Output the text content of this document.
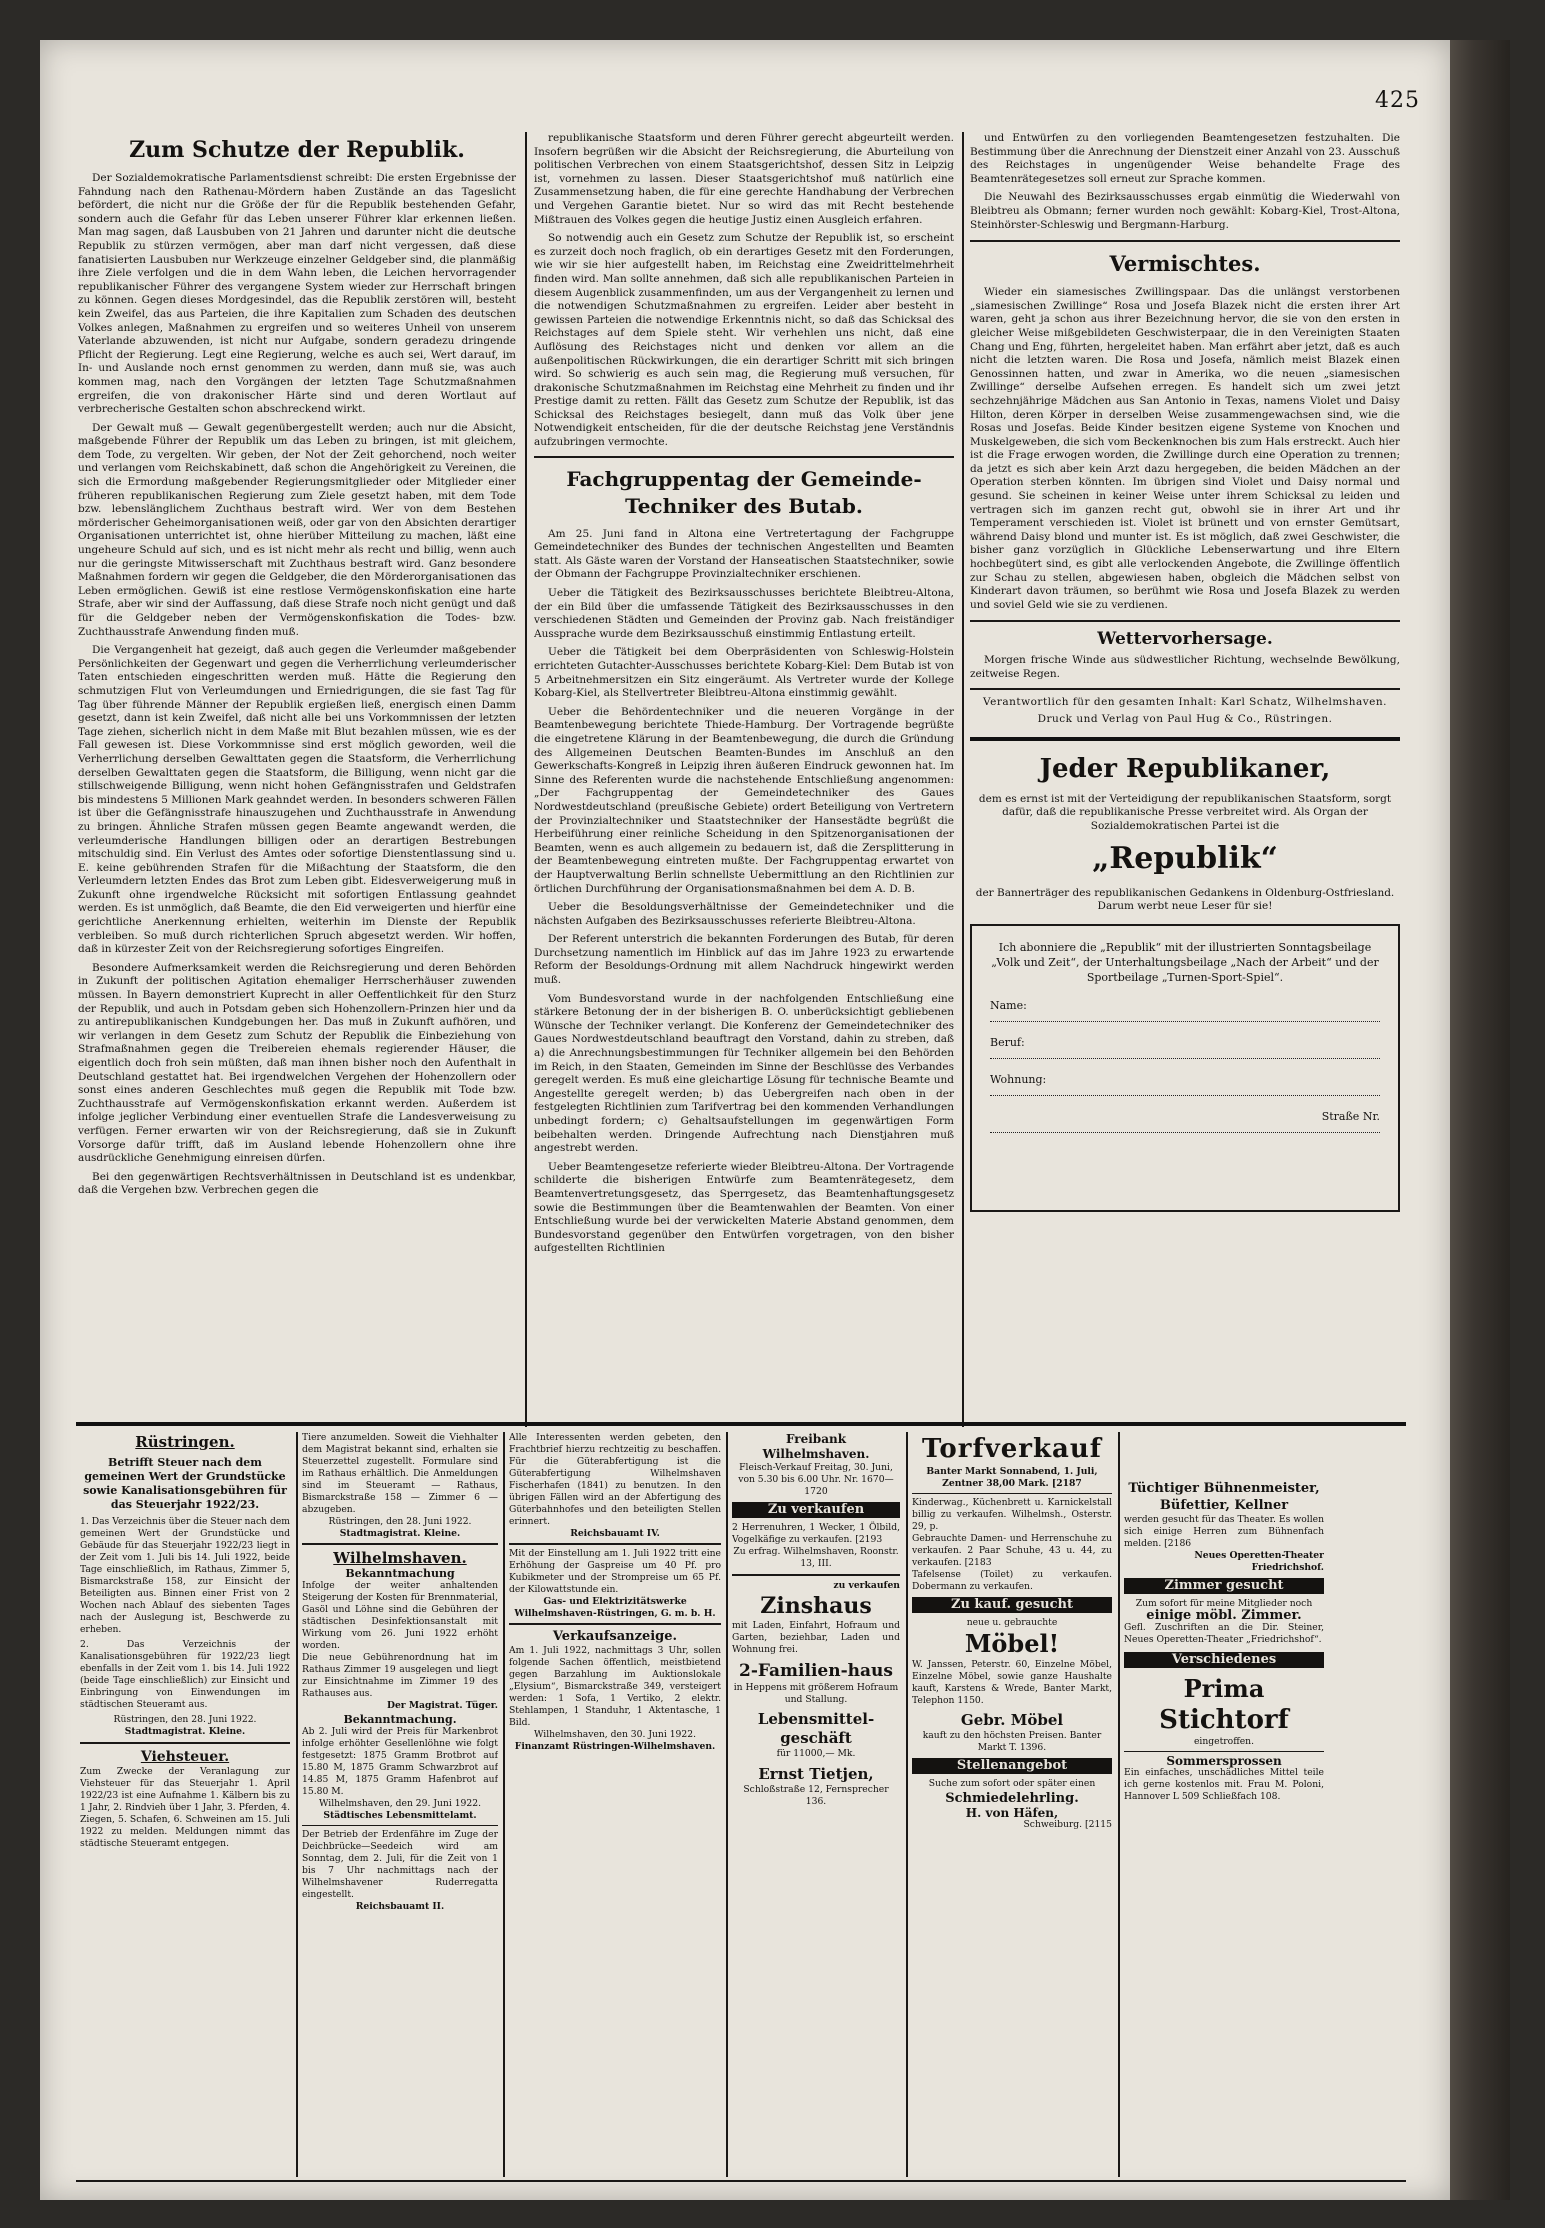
425
Zum Schutze der Republik.

Der Sozialdemokratische Parlamentsdienst schreibt: Die ersten Ergebnisse der Fahndung nach den Rathenau-Mördern haben Zustände an das Tageslicht befördert, die nicht nur die Größe der für die Republik bestehenden Gefahr, sondern auch die Gefahr für das Leben unserer Führer klar erkennen ließen. Man mag sagen, daß Lausbuben von 21 Jahren und darunter nicht die deutsche Republik zu stürzen vermögen, aber man darf nicht vergessen, daß diese fanatisierten Lausbuben nur Werkzeuge einzelner Geldgeber sind, die planmäßig ihre Ziele verfolgen und die in dem Wahn leben, die Leichen hervorragender republikanischer Führer des vergangene System wieder zur Herrschaft bringen zu können. Gegen dieses Mordgesindel, das die Republik zerstören will, besteht kein Zweifel, das aus Parteien, die ihre Kapitalien zum Schaden des deutschen Volkes anlegen, Maßnahmen zu ergreifen und so weiteres Unheil von unserem Vaterlande abzuwenden, ist nicht nur Aufgabe, sondern geradezu dringende Pflicht der Regierung. Legt eine Regierung, welche es auch sei, Wert darauf, im In- und Auslande noch ernst genommen zu werden, dann muß sie, was auch kommen mag, nach den Vorgängen der letzten Tage Schutzmaßnahmen ergreifen, die von drakonischer Härte sind und deren Wortlaut auf verbrecherische Gestalten schon abschreckend wirkt.

Der Gewalt muß — Gewalt gegenübergestellt werden; auch nur die Absicht, maßgebende Führer der Republik um das Leben zu bringen, ist mit gleichem, dem Tode, zu vergelten. Wir geben, der Not der Zeit gehorchend, noch weiter und verlangen vom Reichskabinett, daß schon die Angehörigkeit zu Vereinen, die sich die Ermordung maßgebender Regierungsmitglieder oder Mitglieder einer früheren republikanischen Regierung zum Ziele gesetzt haben, mit dem Tode bzw. lebenslänglichem Zuchthaus bestraft wird. Wer von dem Bestehen mörderischer Geheimorganisationen weiß, oder gar von den Absichten derartiger Organisationen unterrichtet ist, ohne hierüber Mitteilung zu machen, läßt eine ungeheure Schuld auf sich, und es ist nicht mehr als recht und billig, wenn auch nur die geringste Mitwisserschaft mit Zuchthaus bestraft wird. Ganz besondere Maßnahmen fordern wir gegen die Geldgeber, die den Mörderorganisationen das Leben ermöglichen. Gewiß ist eine restlose Vermögenskonfiskation eine harte Strafe, aber wir sind der Auffassung, daß diese Strafe noch nicht genügt und daß für die Geldgeber neben der Vermögenskonfiskation die Todes- bzw. Zuchthausstrafe Anwendung finden muß.

Die Vergangenheit hat gezeigt, daß auch gegen die Verleumder maßgebender Persönlichkeiten der Gegenwart und gegen die Verherrlichung verleumderischer Taten entschieden eingeschritten werden muß. Hätte die Regierung den schmutzigen Flut von Verleumdungen und Erniedrigungen, die sie fast Tag für Tag über führende Männer der Republik ergießen ließ, energisch einen Damm gesetzt, dann ist kein Zweifel, daß nicht alle bei uns Vorkommnissen der letzten Tage ziehen, sicherlich nicht in dem Maße mit Blut bezahlen müssen, wie es der Fall gewesen ist. Diese Vorkommnisse sind erst möglich geworden, weil die Verherrlichung derselben Gewalttaten gegen die Staatsform, die Verherrlichung derselben Gewalttaten gegen die Staatsform, die Billigung, wenn nicht gar die stillschweigende Billigung, wenn nicht hohen Gefängnisstrafen und Geldstrafen bis mindestens 5 Millionen Mark geahndet werden. In besonders schweren Fällen ist über die Gefängnisstrafe hinauszugehen und Zuchthausstrafe in Anwendung zu bringen. Ähnliche Strafen müssen gegen Beamte angewandt werden, die verleumderische Handlungen billigen oder an derartigen Bestrebungen mitschuldig sind. Ein Verlust des Amtes oder sofortige Dienstentlassung sind u. E. keine gebührenden Strafen für die Mißachtung der Staatsform, die den Verleumdern letzten Endes das Brot zum Leben gibt. Eidesverweigerung muß in Zukunft ohne irgendwelche Rücksicht mit sofortigen Entlassung geahndet werden. Es ist unmöglich, daß Beamte, die den Eid verweigerten und hierfür eine gerichtliche Anerkennung erhielten, weiterhin im Dienste der Republik verbleiben. So muß durch richterlichen Spruch abgesetzt werden. Wir hoffen, daß in kürzester Zeit von der Reichsregierung sofortiges Eingreifen.

Besondere Aufmerksamkeit werden die Reichsregierung und deren Behörden in Zukunft der politischen Agitation ehemaliger Herrscherhäuser zuwenden müssen. In Bayern demonstriert Kuprecht in aller Oeffentlichkeit für den Sturz der Republik, und auch in Potsdam geben sich Hohenzollern-Prinzen hier und da zu antirepublikanischen Kundgebungen her. Das muß in Zukunft aufhören, und wir verlangen in dem Gesetz zum Schutz der Republik die Einbeziehung von Strafmaßnahmen gegen die Treibereien ehemals regierender Häuser, die eigentlich doch froh sein müßten, daß man ihnen bisher noch den Aufenthalt in Deutschland gestattet hat. Bei irgendwelchen Vergehen der Hohenzollern oder sonst eines anderen Geschlechtes muß gegen die Republik mit Tode bzw. Zuchthausstrafe auf Vermögenskonfiskation erkannt werden. Außerdem ist infolge jeglicher Verbindung einer eventuellen Strafe die Landesverweisung zu verfügen. Ferner erwarten wir von der Reichsregierung, daß sie in Zukunft Vorsorge dafür trifft, daß im Ausland lebende Hohenzollern ohne ihre ausdrückliche Genehmigung einreisen dürfen.

Bei den gegenwärtigen Rechtsverhältnissen in Deutschland ist es undenkbar, daß die Vergehen bzw. Verbrechen gegen die

republikanische Staatsform und deren Führer gerecht abgeurteilt werden. Insofern begrüßen wir die Absicht der Reichsregierung, die Aburteilung von politischen Verbrechen von einem Staatsgerichtshof, dessen Sitz in Leipzig ist, vornehmen zu lassen. Dieser Staatsgerichtshof muß natürlich eine Zusammensetzung haben, die für eine gerechte Handhabung der Verbrechen und Vergehen Garantie bietet. Nur so wird das mit Recht bestehende Mißtrauen des Volkes gegen die heutige Justiz einen Ausgleich erfahren.

So notwendig auch ein Gesetz zum Schutze der Republik ist, so erscheint es zurzeit doch noch fraglich, ob ein derartiges Gesetz mit den Forderungen, wie wir sie hier aufgestellt haben, im Reichstag eine Zweidrittelmehrheit finden wird. Man sollte annehmen, daß sich alle republikanischen Parteien in diesem Augenblick zusammenfinden, um aus der Vergangenheit zu lernen und die notwendigen Schutzmaßnahmen zu ergreifen. Leider aber besteht in gewissen Parteien die notwendige Erkenntnis nicht, so daß das Schicksal des Reichstages auf dem Spiele steht. Wir verhehlen uns nicht, daß eine Auflösung des Reichstages nicht und denken vor allem an die außenpolitischen Rückwirkungen, die ein derartiger Schritt mit sich bringen wird. So schwierig es auch sein mag, die Regierung muß versuchen, für drakonische Schutzmaßnahmen im Reichstag eine Mehrheit zu finden und ihr Prestige damit zu retten. Fällt das Gesetz zum Schutze der Republik, ist das Schicksal des Reichstages besiegelt, dann muß das Volk über jene Notwendigkeit entscheiden, für die der deutsche Reichstag jene Verständnis aufzubringen vermochte.

Fachgruppentag der Gemeinde-Techniker des Butab.

Am 25. Juni fand in Altona eine Vertretertagung der Fachgruppe Gemeindetechniker des Bundes der technischen Angestellten und Beamten statt. Als Gäste waren der Vorstand der Hanseatischen Staatstechniker, sowie der Obmann der Fachgruppe Provinzialtechniker erschienen.

Ueber die Tätigkeit des Bezirksausschusses berichtete Bleibtreu-Altona, der ein Bild über die umfassende Tätigkeit des Bezirksausschusses in den verschiedenen Städten und Gemeinden der Provinz gab. Nach freiständiger Aussprache wurde dem Bezirksausschuß einstimmig Entlastung erteilt.

Ueber die Tätigkeit bei dem Oberpräsidenten von Schleswig-Holstein errichteten Gutachter-Ausschusses berichtete Kobarg-Kiel: Dem Butab ist von 5 Arbeitnehmersitzen ein Sitz eingeräumt. Als Vertreter wurde der Kollege Kobarg-Kiel, als Stellvertreter Bleibtreu-Altona einstimmig gewählt.

Ueber die Behördentechniker und die neueren Vorgänge in der Beamtenbewegung berichtete Thiede-Hamburg. Der Vortragende begrüßte die eingetretene Klärung in der Beamtenbewegung, die durch die Gründung des Allgemeinen Deutschen Beamten-Bundes im Anschluß an den Gewerkschafts-Kongreß in Leipzig ihren äußeren Eindruck gewonnen hat. Im Sinne des Referenten wurde die nachstehende Entschließung angenommen: „Der Fachgruppentag der Gemeindetechniker des Gaues Nordwestdeutschland (preußische Gebiete) ordert Beteiligung von Vertretern der Provinzialtechniker und Staatstechniker der Hansestädte begrüßt die Herbeiführung einer reinliche Scheidung in den Spitzenorganisationen der Beamten, wenn es auch allgemein zu bedauern ist, daß die Zersplitterung in der Beamtenbewegung eintreten mußte. Der Fachgruppentag erwartet von der Hauptverwaltung Berlin schnellste Uebermittlung an den Richtlinien zur örtlichen Durchführung der Organisationsmaßnahmen bei dem A. D. B.

Ueber die Besoldungsverhältnisse der Gemeindetechniker und die nächsten Aufgaben des Bezirksausschusses referierte Bleibtreu-Altona.

Der Referent unterstrich die bekannten Forderungen des Butab, für deren Durchsetzung namentlich im Hinblick auf das im Jahre 1923 zu erwartende Reform der Besoldungs-Ordnung mit allem Nachdruck hingewirkt werden muß.

Vom Bundesvorstand wurde in der nachfolgenden Entschließung eine stärkere Betonung der in der bisherigen B. O. unberücksichtigt gebliebenen Wünsche der Techniker verlangt. Die Konferenz der Gemeindetechniker des Gaues Nordwestdeutschland beauftragt den Vorstand, dahin zu streben, daß a) die Anrechnungsbestimmungen für Techniker allgemein bei den Behörden im Reich, in den Staaten, Gemeinden im Sinne der Beschlüsse des Verbandes geregelt werden. Es muß eine gleichartige Lösung für technische Beamte und Angestellte geregelt werden; b) das Uebergreifen nach oben in der festgelegten Richtlinien zum Tarifvertrag bei den kommenden Verhandlungen unbedingt fordern; c) Gehaltsaufstellungen im gegenwärtigen Form beibehalten werden. Dringende Aufrechtung nach Dienstjahren muß angestrebt werden.

Ueber Beamtengesetze referierte wieder Bleibtreu-Altona. Der Vortragende schilderte die bisherigen Entwürfe zum Beamtenrätegesetz, dem Beamtenvertretungsgesetz, das Sperrgesetz, das Beamtenhaftungsgesetz sowie die Bestimmungen über die Beamtenwahlen der Beamten. Von einer Entschließung wurde bei der verwickelten Materie Abstand genommen, dem Bundesvorstand gegenüber den Entwürfen vorgetragen, von den bisher aufgestellten Richtlinien

und Entwürfen zu den vorliegenden Beamtengesetzen festzuhalten. Die Bestimmung über die Anrechnung der Dienstzeit einer Anzahl von 23. Ausschuß des Reichstages in ungenügender Weise behandelte Frage des Beamtenrätegesetzes soll erneut zur Sprache kommen.

Die Neuwahl des Bezirksausschusses ergab einmütig die Wiederwahl von Bleibtreu als Obmann; ferner wurden noch gewählt: Kobarg-Kiel, Trost-Altona, Steinhörster-Schleswig und Bergmann-Harburg.

Vermischtes.

Wieder ein siamesisches Zwillingspaar. Das die unlängst verstorbenen „siamesischen Zwillinge“ Rosa und Josefa Blazek nicht die ersten ihrer Art waren, geht ja schon aus ihrer Bezeichnung hervor, die sie von den ersten in gleicher Weise mißgebildeten Geschwisterpaar, die in den Vereinigten Staaten Chang und Eng, führten, hergeleitet haben. Man erfährt aber jetzt, daß es auch nicht die letzten waren. Die Rosa und Josefa, nämlich meist Blazek einen Genossinnen hatten, und zwar in Amerika, wo die neuen „siamesischen Zwillinge“ derselbe Aufsehen erregen. Es handelt sich um zwei jetzt sechzehnjährige Mädchen aus San Antonio in Texas, namens Violet und Daisy Hilton, deren Körper in derselben Weise zusammengewachsen sind, wie die Rosas und Josefas. Beide Kinder besitzen eigene Systeme von Knochen und Muskelgeweben, die sich vom Beckenknochen bis zum Hals erstreckt. Auch hier ist die Frage erwogen worden, die Zwillinge durch eine Operation zu trennen; da jetzt es sich aber kein Arzt dazu hergegeben, die beiden Mädchen an der Operation sterben könnten. Im übrigen sind Violet und Daisy normal und gesund. Sie scheinen in keiner Weise unter ihrem Schicksal zu leiden und vertragen sich im ganzen recht gut, obwohl sie in ihrer Art und ihr Temperament verschieden ist. Violet ist brünett und von ernster Gemütsart, während Daisy blond und munter ist. Es ist möglich, daß zwei Geschwister, die bisher ganz vorzüglich in Glückliche Lebenserwartung und ihre Eltern hochbegütert sind, es gibt alle verlockenden Angebote, die Zwillinge öffentlich zur Schau zu stellen, abgewiesen haben, obgleich die Mädchen selbst von Kinderart davon träumen, so berühmt wie Rosa und Josefa Blazek zu werden und soviel Geld wie sie zu verdienen.

Wettervorhersage.

Morgen frische Winde aus südwestlicher Richtung, wechselnde Bewölkung, zeitweise Regen.

Verantwortlich für den gesamten Inhalt: Karl Schatz, Wilhelmshaven.
Druck und Verlag von Paul Hug & Co., Rüstringen.
Jeder Republikaner,

dem es ernst ist mit der Verteidigung der republikanischen Staatsform, sorgt dafür, daß die republikanische Presse verbreitet wird. Als Organ der Sozialdemokratischen Partei ist die

„Republik“

der Bannerträger des republikanischen Gedankens in Oldenburg-Ostfriesland. Darum werbt neue Leser für sie!

Ich abonniere die „Republik“ mit der illustrierten Sonntagsbeilage „Volk und Zeit“, der Unterhaltungsbeilage „Nach der Arbeit“ und der Sportbeilage „Turnen-Sport-Spiel“.

Name:
Beruf:
Wohnung:
Straße Nr.
Rüstringen.
Betrifft Steuer nach dem gemeinen Wert der Grundstücke sowie Kanalisationsgebühren für das Steuerjahr 1922/23.
1. Das Verzeichnis über die Steuer nach dem gemeinen Wert der Grundstücke und Gebäude für das Steuerjahr 1922/23 liegt in der Zeit vom 1. Juli bis 14. Juli 1922, beide Tage einschließlich, im Rathaus, Zimmer 5, Bismarckstraße 158, zur Einsicht der Beteiligten aus. Binnen einer Frist von 2 Wochen nach Ablauf des siebenten Tages nach der Auslegung ist, Beschwerde zu erheben.
2. Das Verzeichnis der Kanalisationsgebühren für 1922/23 liegt ebenfalls in der Zeit vom 1. bis 14. Juli 1922 (beide Tage einschließlich) zur Einsicht und Einbringung von Einwendungen im städtischen Steueramt aus.
Rüstringen, den 28. Juni 1922.
Stadtmagistrat. Kleine.
Viehsteuer.
Zum Zwecke der Veranlagung zur Viehsteuer für das Steuerjahr 1. April 1922/23 ist eine Aufnahme 1. Kälbern bis zu 1 Jahr, 2. Rindvieh über 1 Jahr, 3. Pferden, 4. Ziegen, 5. Schafen, 6. Schweinen am 15. Juli 1922 zu melden. Meldungen nimmt das städtische Steueramt entgegen.
Tiere anzumelden. Soweit die Viehhalter dem Magistrat bekannt sind, erhalten sie Steuerzettel zugestellt. Formulare sind im Rathaus erhältlich. Die Anmeldungen sind im Steueramt — Rathaus, Bismarckstraße 158 — Zimmer 6 — abzugeben.
Rüstringen, den 28. Juni 1922.
Stadtmagistrat. Kleine.
Wilhelmshaven.
Bekanntmachung
Infolge der weiter anhaltenden Steigerung der Kosten für Brennmaterial, Gasöl und Löhne sind die Gebühren der städtischen Desinfektionsanstalt mit Wirkung vom 26. Juni 1922 erhöht worden.
Die neue Gebührenordnung hat im Rathaus Zimmer 19 ausgelegen und liegt zur Einsichtnahme im Zimmer 19 des Rathauses aus.
Der Magistrat. Tüger.
Bekanntmachung.
Ab 2. Juli wird der Preis für Markenbrot infolge erhöhter Gesellenlöhne wie folgt festgesetzt: 1875 Gramm Brotbrot auf 15.80 M, 1875 Gramm Schwarzbrot auf 14.85 M, 1875 Gramm Hafenbrot auf 15.80 M.
Wilhelmshaven, den 29. Juni 1922.
Städtisches Lebensmittelamt.
Der Betrieb der Erdenfähre im Zuge der Deichbrücke—Seedeich wird am Sonntag, dem 2. Juli, für die Zeit von 1 bis 7 Uhr nachmittags nach der Wilhelmshavener Ruderregatta eingestellt.
Reichsbauamt II.
Alle Interessenten werden gebeten, den Frachtbrief hierzu rechtzeitig zu beschaffen. Für die Güterabfertigung ist die Güterabfertigung Wilhelmshaven Fischerhafen (1841) zu benutzen. In den übrigen Fällen wird an der Abfertigung des Güterbahnhofes und den beteiligten Stellen erinnert.
Reichsbauamt IV.
Mit der Einstellung am 1. Juli 1922 tritt eine Erhöhung der Gaspreise um 40 Pf. pro Kubikmeter und der Strompreise um 65 Pf. der Kilowattstunde ein.
Gas- und Elektrizitätswerke Wilhelmshaven-Rüstringen, G. m. b. H.
Verkaufsanzeige.
Am 1. Juli 1922, nachmittags 3 Uhr, sollen folgende Sachen öffentlich, meistbietend gegen Barzahlung im Auktionslokale „Elysium“, Bismarckstraße 349, versteigert werden: 1 Sofa, 1 Vertiko, 2 elektr. Stehlampen, 1 Standuhr, 1 Aktentasche, 1 Bild.
Wilhelmshaven, den 30. Juni 1922.
Finanzamt Rüstringen-Wilhelmshaven.
Freibank Wilhelmshaven.
Fleisch-Verkauf Freitag, 30. Juni, von 5.30 bis 6.00 Uhr. Nr. 1670—1720
Zu verkaufen
2 Herrenuhren, 1 Wecker, 1 Ölbild, Vogelkäfige zu verkaufen. [2193
Zu erfrag. Wilhelmshaven, Roonstr. 13, III.
zu verkaufen
Zinshaus
mit Laden, Einfahrt, Hofraum und Garten, beziehbar, Laden und Wohnung frei.
2-Familien-haus
in Heppens mit größerem Hofraum und Stallung.
Lebensmittel-geschäft
für 11000,— Mk.
Ernst Tietjen,
Schloßstraße 12, Fernsprecher 136.
Torfverkauf
Banter Markt Sonnabend, 1. Juli, Zentner 38,00 Mark. [2187
Kinderwag., Küchenbrett u. Karnickelstall billig zu verkaufen. Wilhelmsh., Osterstr. 29, p.
Gebrauchte Damen- und Herrenschuhe zu verkaufen. 2 Paar Schuhe, 43 u. 44, zu verkaufen. [2183
Tafelsense (Toilet) zu verkaufen. Dobermann zu verkaufen.
Zu kauf. gesucht
neue u. gebrauchte
Möbel!
W. Janssen, Peterstr. 60, Einzelne Möbel, Einzelne Möbel, sowie ganze Haushalte kauft, Karstens & Wrede, Banter Markt, Telephon 1150.
Gebr. Möbel
kauft zu den höchsten Preisen. Banter Markt T. 1396.
Stellenangebot
Suche zum sofort oder später einen
Schmiedelehrling.
H. von Häfen,
Schweiburg. [2115
Tüchtiger Bühnenmeister, Büfettier, Kellner
werden gesucht für das Theater. Es wollen sich einige Herren zum Bühnenfach melden. [2186
Neues Operetten-Theater Friedrichshof.
Zimmer gesucht
Zum sofort für meine Mitglieder noch
einige möbl. Zimmer.
Gefl. Zuschriften an die Dir. Steiner, Neues Operetten-Theater „Friedrichshof“.
Verschiedenes
Prima
Stichtorf
eingetroffen.
Sommersprossen
Ein einfaches, unschädliches Mittel teile ich gerne kostenlos mit. Frau M. Poloni, Hannover L 509 Schließfach 108.
